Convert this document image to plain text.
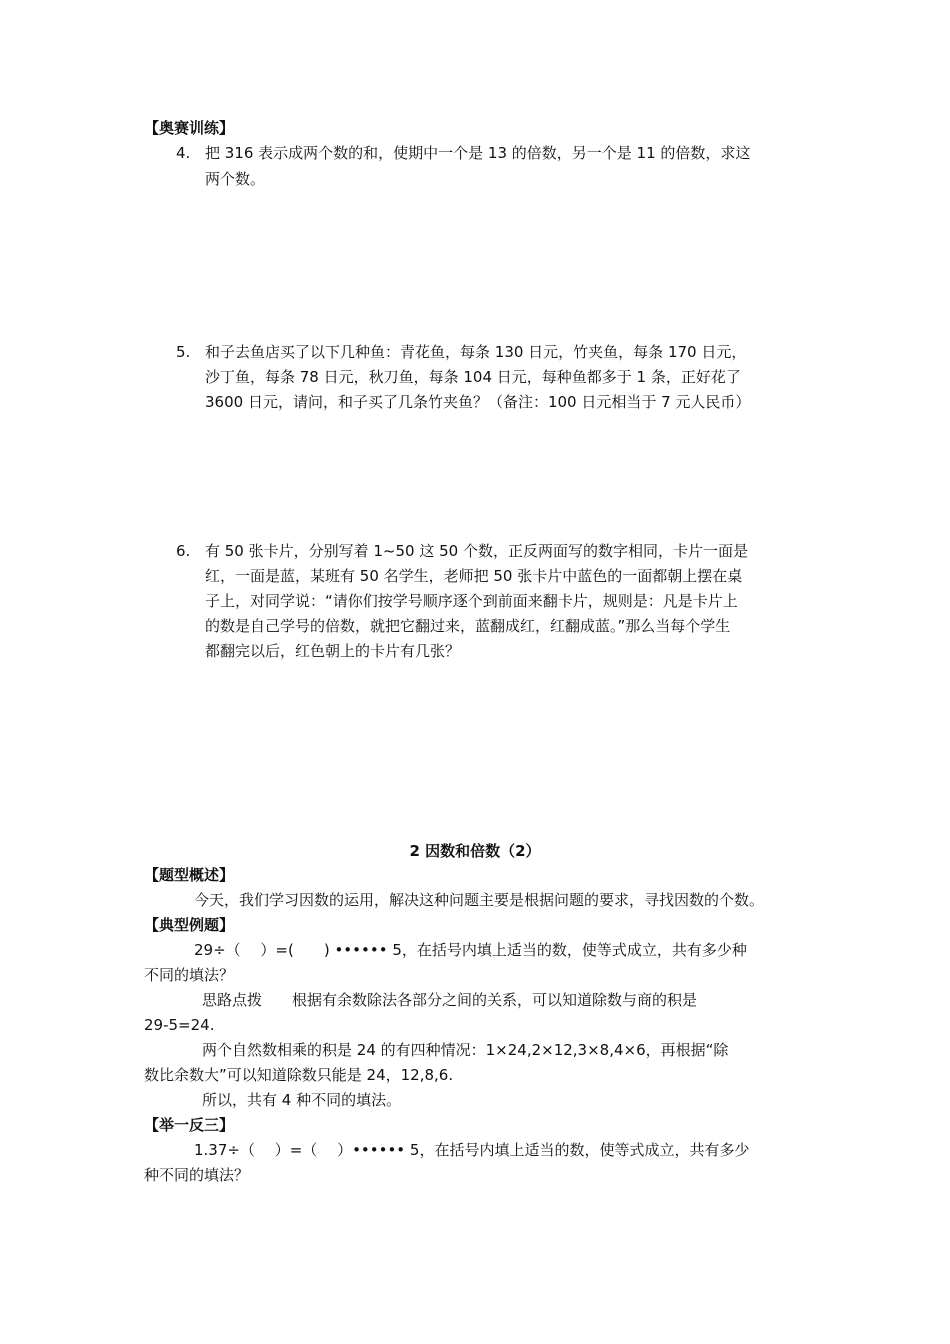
【奥赛训练】
4. 把 316 表示成两个数的和，使期中一个是 13 的倍数，另一个是 11 的倍数，求这
两个数。
5. 和子去鱼店买了以下几种鱼：青花鱼，每条 130 日元，竹夹鱼，每条 170 日元，
沙丁鱼，每条 78 日元，秋刀鱼，每条 104 日元，每种鱼都多于 1 条，正好花了
3600 日元，请问，和子买了几条竹夹鱼？（备注：100 日元相当于 7 元人民币）
6. 有 50 张卡片，分别写着 1~50 这 50 个数，正反两面写的数字相同，卡片一面是
红，一面是蓝，某班有 50 名学生，老师把 50 张卡片中蓝色的一面都朝上摆在桌
子上，对同学说：“请你们按学号顺序逐个到前面来翻卡片，规则是：凡是卡片上
的数是自己学号的倍数，就把它翻过来，蓝翻成红，红翻成蓝。”那么当每个学生
都翻完以后，红色朝上的卡片有几张？
2 因数和倍数（2）
【题型概述】
今天，我们学习因数的运用，解决这种问题主要是根据问题的要求，寻找因数的个数。
【典型例题】
29÷（　 ）=(　　) •••••• 5，在括号内填上适当的数，使等式成立，共有多少种
不同的填法？
思路点拨　　根据有余数除法各部分之间的关系，可以知道除数与商的积是
29-5=24.
两个自然数相乘的积是 24 的有四种情况：1×24,2×12,3×8,4×6，再根据“除
数比余数大”可以知道除数只能是 24，12,8,6.
所以，共有 4 种不同的填法。
【举一反三】
1.37÷（　 ）=（　 ）•••••• 5，在括号内填上适当的数，使等式成立，共有多少
种不同的填法？
